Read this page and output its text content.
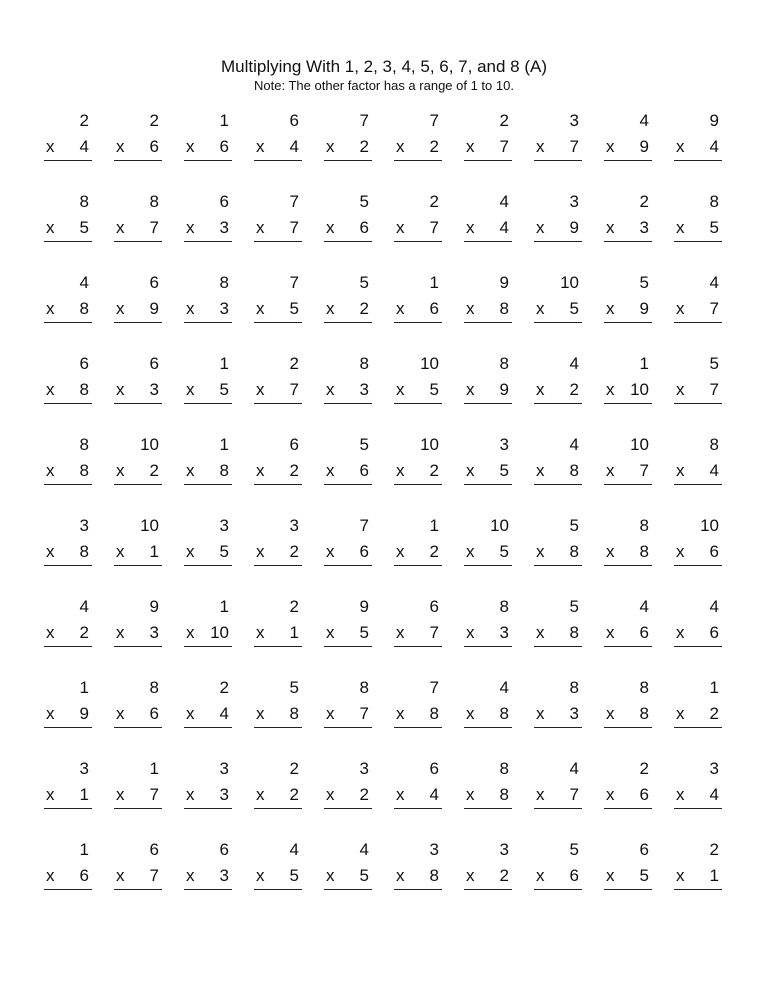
Multiplying With 1, 2, 3, 4, 5, 6, 7, and 8 (A)
Note: The other factor has a range of 1 to 10.
2
x 4
2
x 6
1
x 6
6
x 4
7
x 2
7
x 2
2
x 7
3
x 7
4
x 9
9
x 4
8
x 5
8
x 7
6
x 3
7
x 7
5
x 6
2
x 7
4
x 4
3
x 9
2
x 3
8
x 5
4
x 8
6
x 9
8
x 3
7
x 5
5
x 2
1
x 6
9
x 8
10
x 5
5
x 9
4
x 7
6
x 8
6
x 3
1
x 5
2
x 7
8
x 3
10
x 5
8
x 9
4
x 2
1
x 10
5
x 7
8
x 8
10
x 2
1
x 8
6
x 2
5
x 6
10
x 2
3
x 5
4
x 8
10
x 7
8
x 4
3
x 8
10
x 1
3
x 5
3
x 2
7
x 6
1
x 2
10
x 5
5
x 8
8
x 8
10
x 6
4
x 2
9
x 3
1
x 10
2
x 1
9
x 5
6
x 7
8
x 3
5
x 8
4
x 6
4
x 6
1
x 9
8
x 6
2
x 4
5
x 8
8
x 7
7
x 8
4
x 8
8
x 3
8
x 8
1
x 2
3
x 1
1
x 7
3
x 3
2
x 2
3
x 2
6
x 4
8
x 8
4
x 7
2
x 6
3
x 4
1
x 6
6
x 7
6
x 3
4
x 5
4
x 5
3
x 8
3
x 2
5
x 6
6
x 5
2
x 1
